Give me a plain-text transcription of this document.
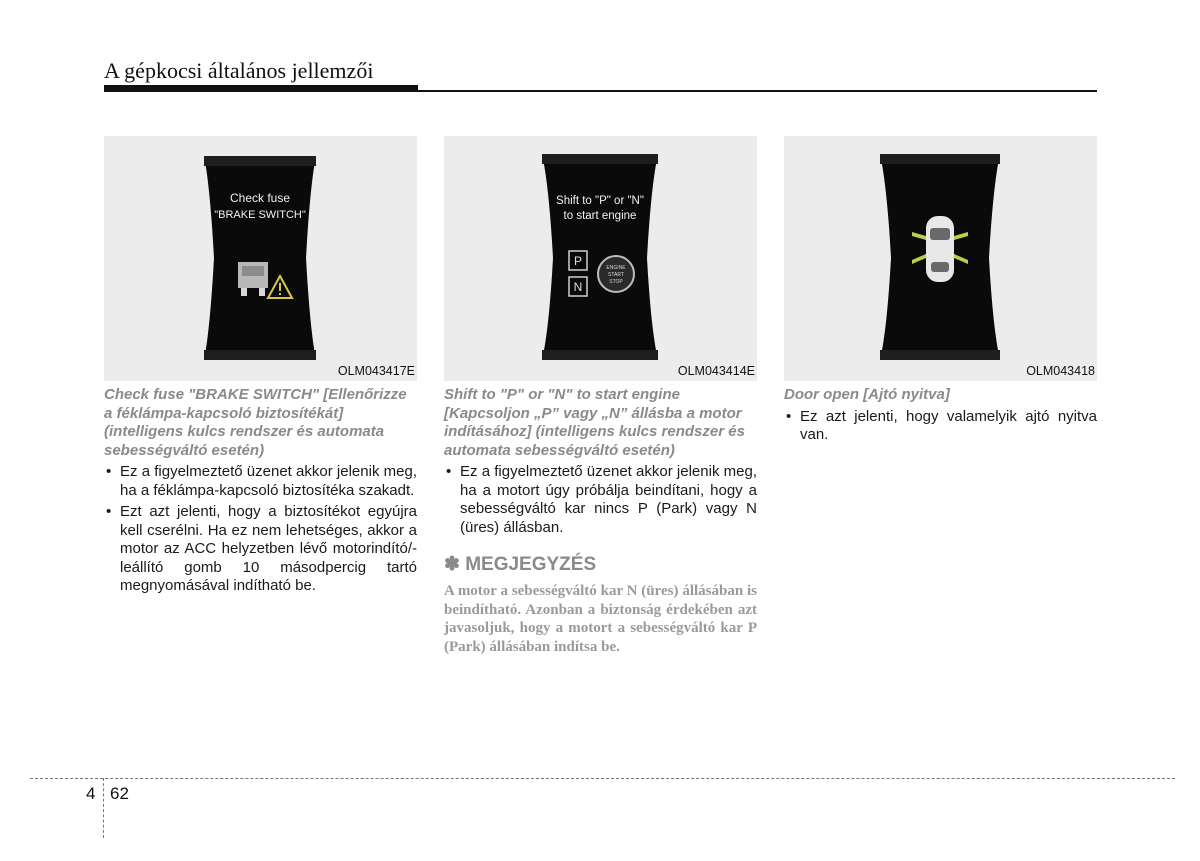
A gépkocsi általános jellemzői
Check fuse
"BRAKE SWITCH"
OLM043417E
Check fuse "BRAKE SWITCH" [Ellenőrizze a féklámpa-kapcsoló biztosítékát] (intelligens kulcs rendszer és automata sebességváltó esetén)
• Ez a figyelmeztető üzenet akkor jelenik meg, ha a féklámpa-kapcsoló biztosítéka szakadt.
• Ezt azt jelenti, hogy a biztosítékot egyújra kell cserélni. Ha ez nem lehetséges, akkor a motor az ACC helyzetben lévő motorindító/-leállító gomb 10 másodpercig tartó megnyomásával indítható be.
Shift to "P" or "N"
to start engine
P
N
ENGINE
START
STOP
OLM043414E
Shift to "P" or "N" to start engine [Kapcsoljon „P” vagy „N” állásba a motor indításához] (intelligens kulcs rendszer és automata sebességváltó esetén)
• Ez a figyelmeztető üzenet akkor jelenik meg, ha a motort úgy próbálja beindítani, hogy a sebességváltó kar nincs P (Park) vagy N (üres) állásban.
✽ MEGJEGYZÉS
A motor a sebességváltó kar N (üres) állásában is beindítható. Azonban a biztonság érdekében azt javasoljuk, hogy a motort a sebességváltó kar P (Park) állásában indítsa be.
OLM043418
Door open [Ajtó nyitva]
• Ez azt jelenti, hogy valamelyik ajtó nyitva van.
4 62
